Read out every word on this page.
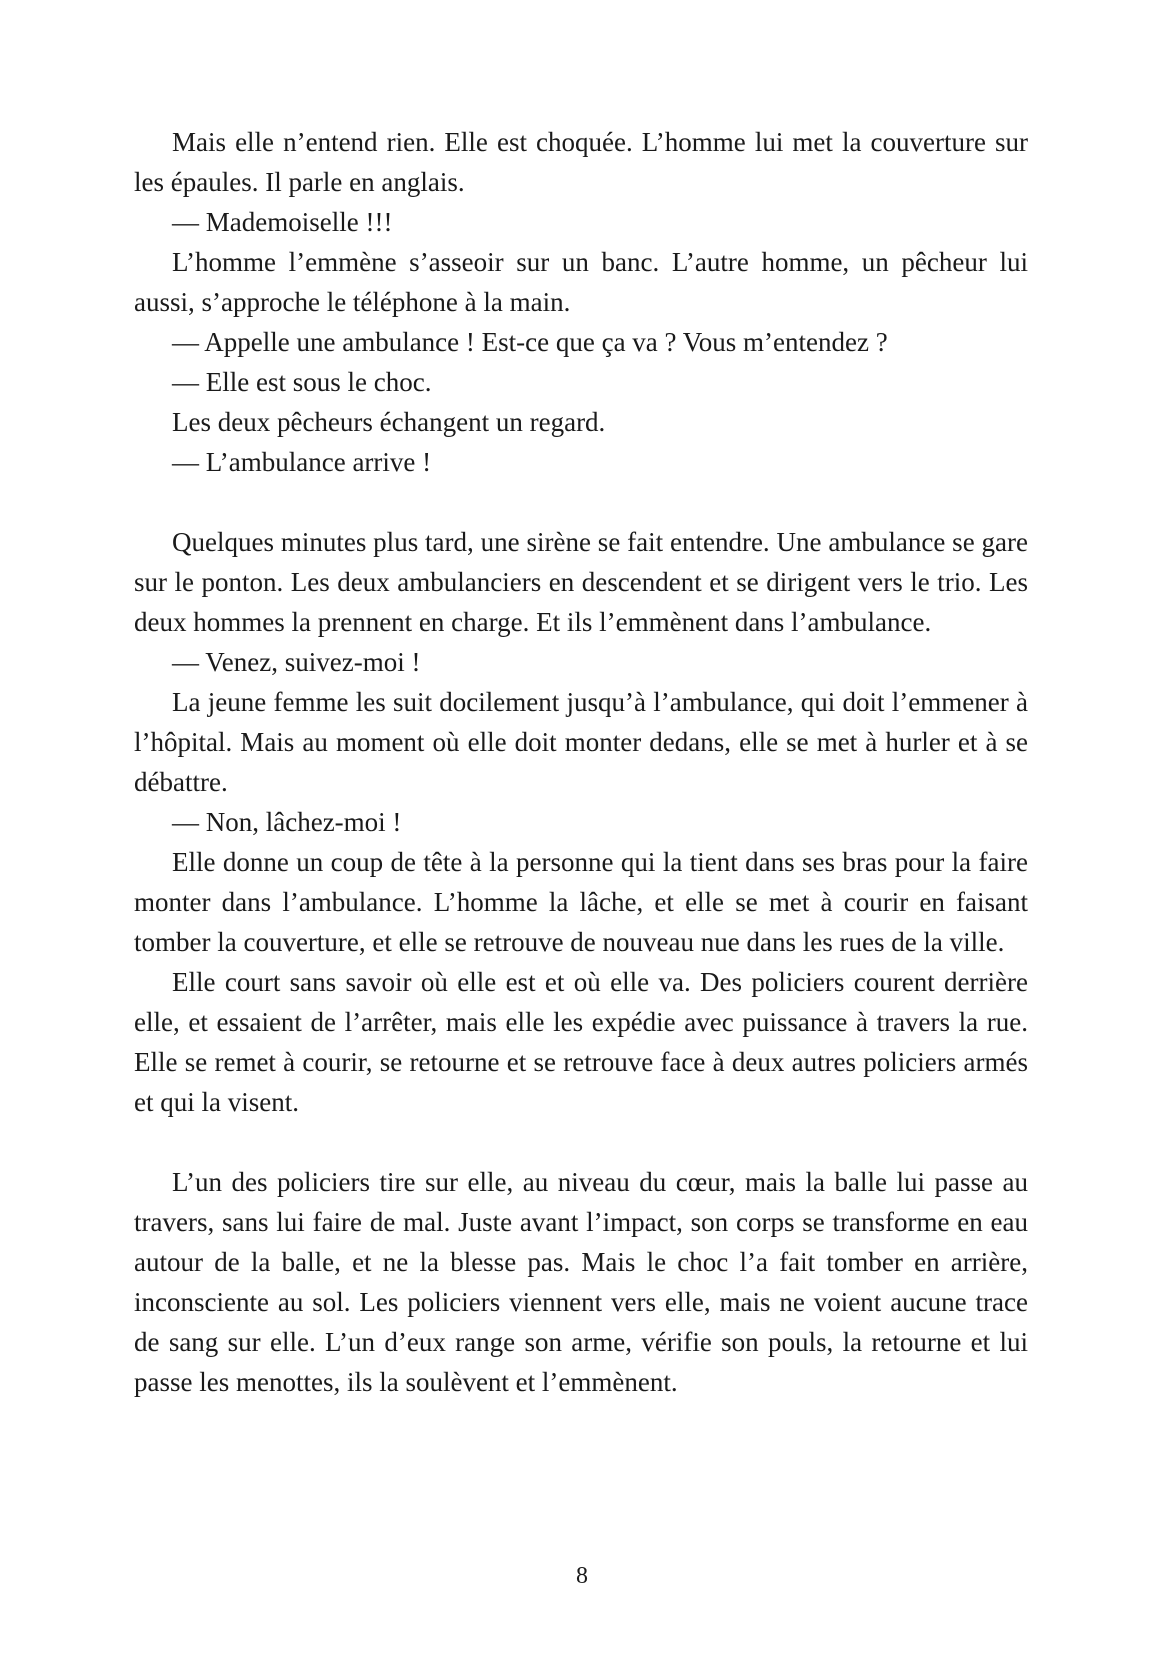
Mais elle n’entend rien. Elle est choquée. L’homme lui met la couverture sur les épaules. Il parle en anglais.

— Mademoiselle !!!

L’homme l’emmène s’asseoir sur un banc. L’autre homme, un pêcheur lui aussi, s’approche le téléphone à la main.

— Appelle une ambulance ! Est-ce que ça va ? Vous m’entendez ?

— Elle est sous le choc.

Les deux pêcheurs échangent un regard.

— L’ambulance arrive !

Quelques minutes plus tard, une sirène se fait entendre. Une ambulance se gare sur le ponton. Les deux ambulanciers en descendent et se dirigent vers le trio. Les deux hommes la prennent en charge. Et ils l’emmènent dans l’ambulance.

— Venez, suivez-moi !

La jeune femme les suit docilement jusqu’à l’ambulance, qui doit l’emmener à l’hôpital. Mais au moment où elle doit monter dedans, elle se met à hurler et à se débattre.

— Non, lâchez-moi !

Elle donne un coup de tête à la personne qui la tient dans ses bras pour la faire monter dans l’ambulance. L’homme la lâche, et elle se met à courir en faisant tomber la couverture, et elle se retrouve de nouveau nue dans les rues de la ville.

Elle court sans savoir où elle est et où elle va. Des policiers courent derrière elle, et essaient de l’arrêter, mais elle les expédie avec puissance à travers la rue. Elle se remet à courir, se retourne et se retrouve face à deux autres policiers armés et qui la visent.

L’un des policiers tire sur elle, au niveau du cœur, mais la balle lui passe au travers, sans lui faire de mal. Juste avant l’impact, son corps se transforme en eau autour de la balle, et ne la blesse pas. Mais le choc l’a fait tomber en arrière, inconsciente au sol. Les policiers viennent vers elle, mais ne voient aucune trace de sang sur elle. L’un d’eux range son arme, vérifie son pouls, la retourne et lui passe les menottes, ils la soulèvent et l’emmènent.

8
